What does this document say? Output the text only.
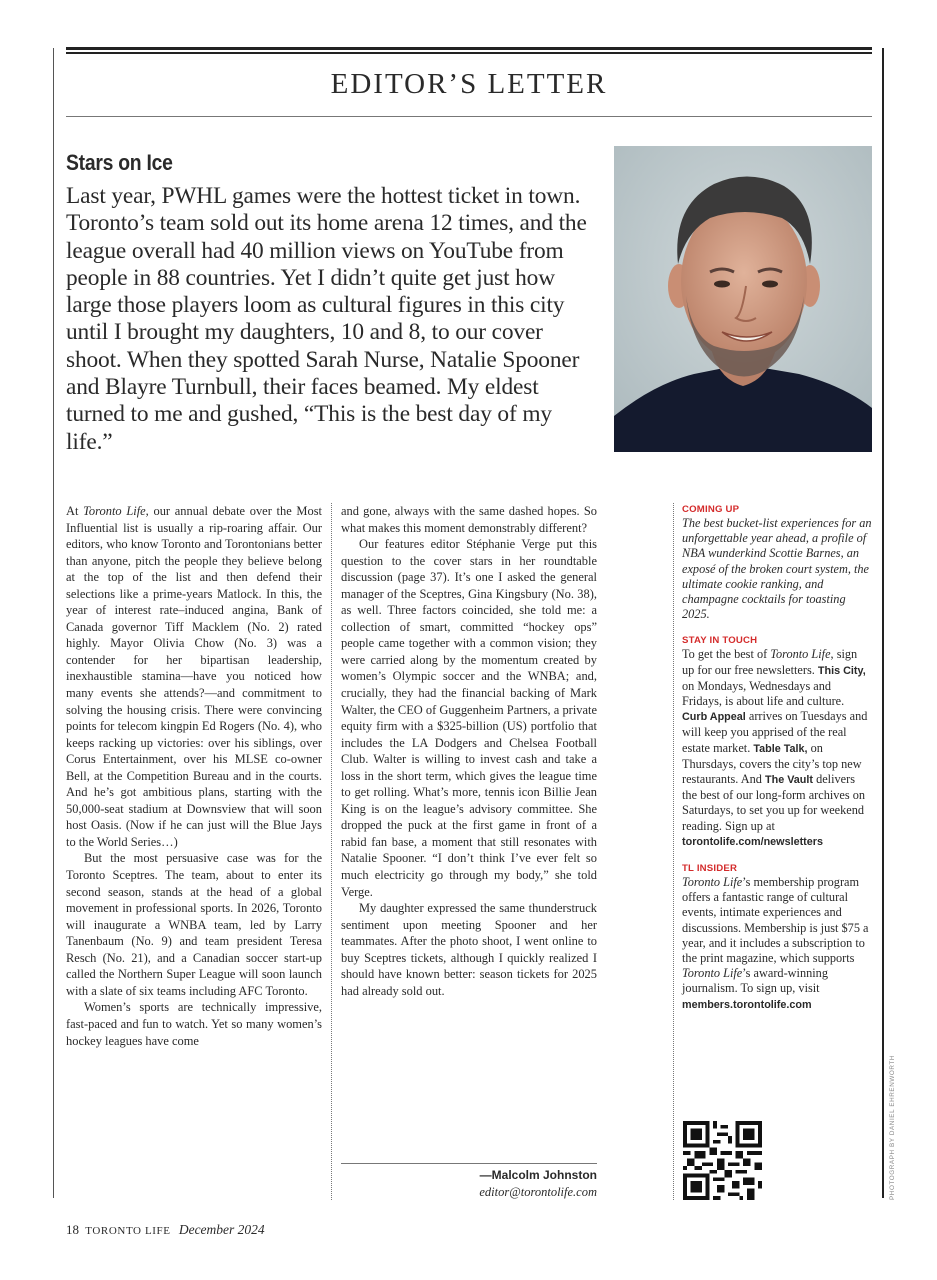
EDITOR’S LETTER
Stars on Ice

Last year, PWHL games were the hottest ticket in town. Toronto’s team sold out its home arena 12 times, and the league overall had 40 million views on YouTube from people in 88 countries. Yet I didn’t quite get just how large those players loom as cultural figures in this city until I brought my daughters, 10 and 8, to our cover shoot. When they spotted Sarah Nurse, Natalie Spooner and Blayre Turnbull, their faces beamed. My eldest turned to me and gushed, “This is the best day of my life.”

At Toronto Life, our annual debate over the Most Influential list is usually a rip-roaring affair. Our editors, who know Toronto and Torontonians better than anyone, pitch the people they believe belong at the top of the list and then defend their selections like a prime-years Matlock. In this, the year of interest rate–induced angina, Bank of Canada governor Tiff Macklem (No. 2) rated highly. Mayor Olivia Chow (No. 3) was a contender for her bipartisan leadership, inexhaustible stamina—have you noticed how many events she attends?—and commitment to solving the housing crisis. There were convincing points for telecom kingpin Ed Rogers (No. 4), who keeps racking up victories: over his siblings, over Corus Entertainment, over his MLSE co-owner Bell, at the Competition Bureau and in the courts. And he’s got ambitious plans, starting with the 50,000-seat stadium at Downsview that will soon host Oasis. (Now if he can just will the Blue Jays to the World Series…)

But the most persuasive case was for the Toronto Sceptres. The team, about to enter its second season, stands at the head of a global movement in professional sports. In 2026, Toronto will inaugurate a WNBA team, led by Larry Tanenbaum (No. 9) and team president Teresa Resch (No. 21), and a Canadian soccer start-up called the Northern Super League will soon launch with a slate of six teams including AFC Toronto.

Women’s sports are technically impressive, fast-paced and fun to watch. Yet so many women’s hockey leagues have come

and gone, always with the same dashed hopes. So what makes this moment demonstrably different?

Our features editor Stéphanie Verge put this question to the cover stars in her roundtable discussion (page 37). It’s one I asked the general manager of the Sceptres, Gina Kingsbury (No. 38), as well. Three factors coincided, she told me: a collection of smart, committed “hockey ops” people came together with a common vision; they were carried along by the momentum created by women’s Olympic soccer and the WNBA; and, crucially, they had the financial backing of Mark Walter, the CEO of Guggenheim Partners, a private equity firm with a $325-billion (US) portfolio that includes the LA Dodgers and Chelsea Football Club. Walter is willing to invest cash and take a loss in the short term, which gives the league time to get rolling. What’s more, tennis icon Billie Jean King is on the league’s advisory committee. She dropped the puck at the first game in front of a rabid fan base, a moment that still resonates with Natalie Spooner. “I don’t think I’ve ever felt so much electricity go through my body,” she told Verge.

My daughter expressed the same thunderstruck sentiment upon meeting Spooner and her teammates. After the photo shoot, I went online to buy Sceptres tickets, although I quickly realized I should have known better: season tickets for 2025 had already sold out.

—Malcolm Johnston
editor@torontolife.com
COMING UP
The best bucket-list experiences for an unforgettable year ahead, a profile of NBA wunderkind Scottie Barnes, an exposé of the broken court system, the ultimate cookie ranking, and champagne cocktails for toasting 2025.
STAY IN TOUCH
To get the best of Toronto Life, sign up for our free newsletters. This City, on Mondays, Wednesdays and Fridays, is about life and culture. Curb Appeal arrives on Tuesdays and will keep you apprised of the real estate market. Table Talk, on Thursdays, covers the city’s top new restaurants. And The Vault delivers the best of our long-form archives on Saturdays, to set you up for weekend reading. Sign up at torontolife.com/newsletters
TL INSIDER
Toronto Life’s membership program offers a fantastic range of cultural events, intimate experiences and discussions. Membership is just $75 a year, and it includes a subscription to the print magazine, which supports Toronto Life’s award-winning journalism. To sign up, visit members.torontolife.com
PHOTOGRAPH BY DANIEL EHRENWORTH
18 TORONTO LIFE December 2024
